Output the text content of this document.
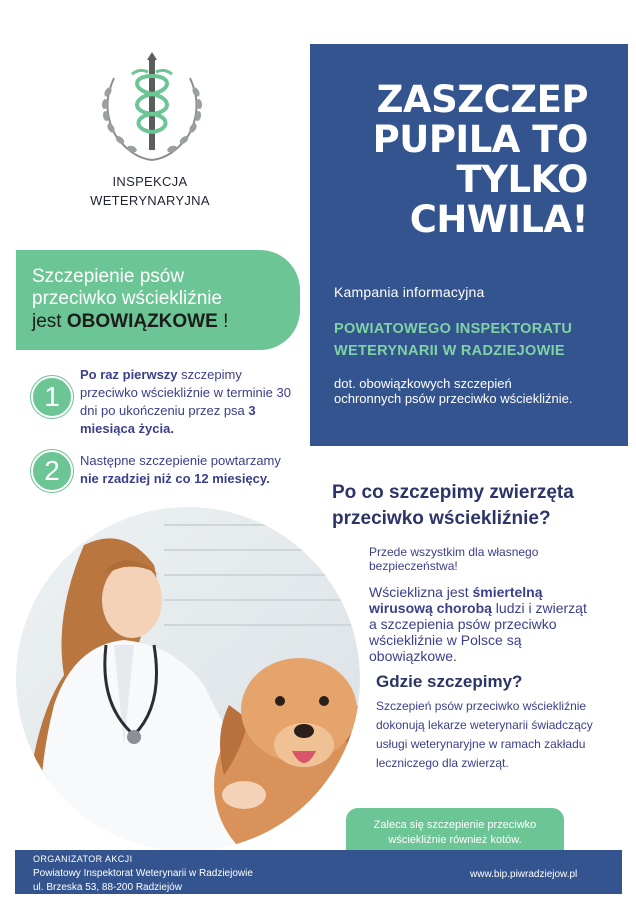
INSPEKCJA
WETERYNARYJNA
ZASZCZEP
PUPILA TO
TYLKO
CHWILA!
Kampania informacyjna
POWIATOWEGO INSPEKTORATU
WETERYNARII W RADZIEJOWIE
dot. obowiązkowych szczepień ochronnych psów przeciwko wściekliźnie.
Szczepienie psów
przeciwko wściekliźnie
jest OBOWIĄZKOWE !
1
Po raz pierwszy szczepimy przeciwko wściekliźnie w terminie 30 dni po ukończeniu przez psa 3 miesiąca życia.
2	Następne szczepienie powtarzamy nie rzadziej niż co 12 miesięcy.
Po co szczepimy zwierzęta
przeciwko wściekliźnie?
Przede wszystkim dla własnego bezpieczeństwa!
Wścieklizna jest śmiertelną wirusową chorobą ludzi i zwierząt a szczepienia psów przeciwko wściekliźnie w Polsce są obowiązkowe.
Gdzie szczepimy?
Szczepień psów przeciwko wściekliźnie dokonują lekarze weterynarii świadczący usługi weterynaryjne w ramach zakładu leczniczego dla zwierząt.
Zaleca się szczepienie przeciwko wściekliźnie również kotów.
ORGANIZATOR AKCJI
Powiatowy Inspektorat Weterynarii w Radziejowie
ul. Brzeska 53, 88-200 Radziejów
www.bip.piwradziejow.pl
